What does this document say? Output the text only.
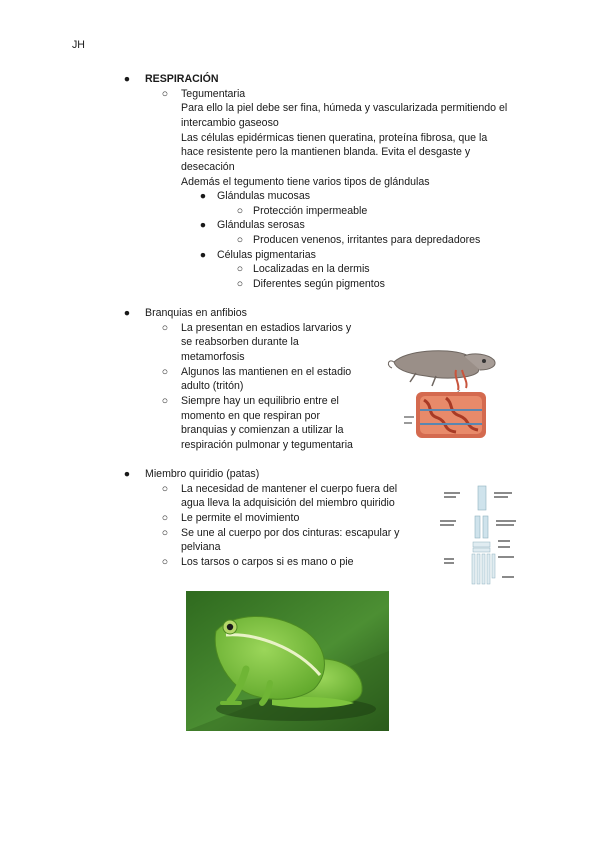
JH
● RESPIRACIÓN
○ Tegumentaria
Para ello la piel debe ser fina, húmeda y vascularizada permitiendo el
intercambio gaseoso
Las células epidérmicas tienen queratina, proteína fibrosa, que la
hace resistente pero la mantienen blanda. Evita el desgaste y
desecación
Además el tegumento tiene varios tipos de glándulas
● Glándulas mucosas
○ Protección impermeable
● Glándulas serosas
○ Producen venenos, irritantes para depredadores
● Células pigmentarias
○ Localizadas en la dermis
○ Diferentes según pigmentos
● Branquias en anfibios
○ La presentan en estadios larvarios y
se reabsorben durante la
metamorfosis
○ Algunos las mantienen en el estadio
adulto (tritón)
○ Siempre hay un equilibrio entre el
momento en que respiran por
branquias y comienzan a utilizar la
respiración pulmonar y tegumentaria
● Miembro quiridio (patas)
○ La necesidad de mantener el cuerpo fuera del
agua lleva la adquisición del miembro quiridio
○ Le permite el movimiento
○ Se une al cuerpo por dos cinturas: escapular y
pelviana
○ Los tarsos o carpos si es mano o pie
